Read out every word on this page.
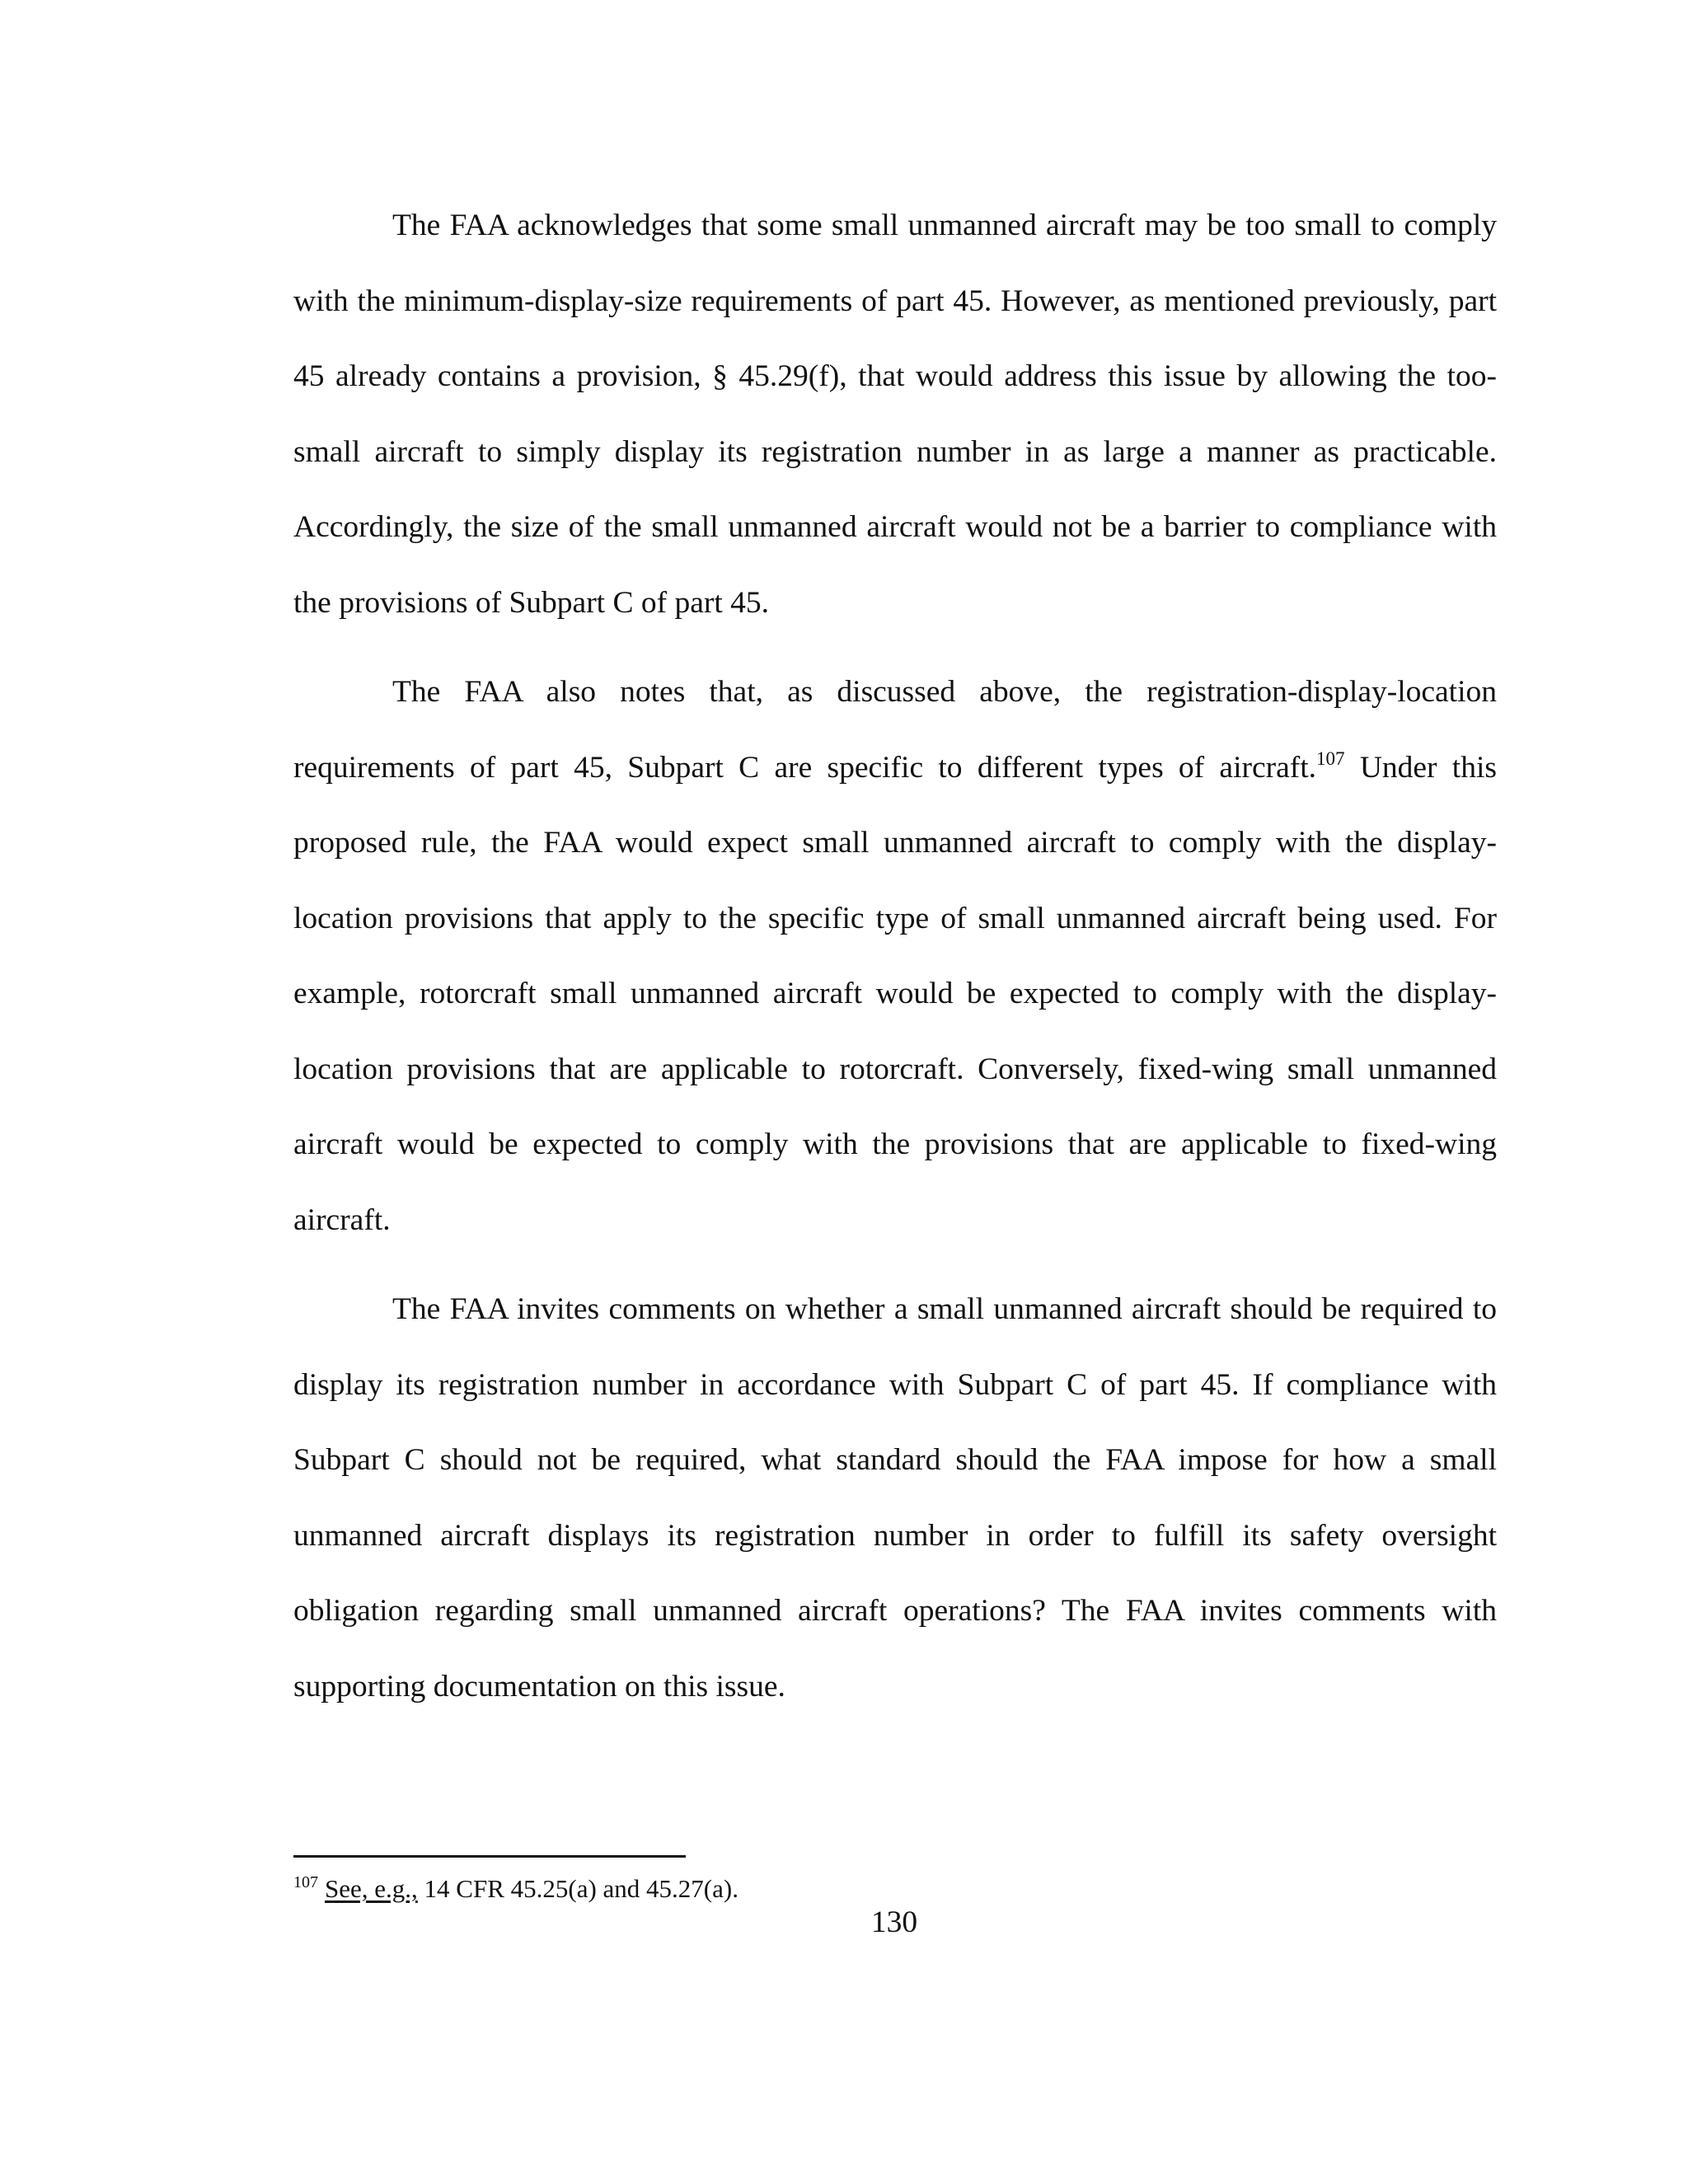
The FAA acknowledges that some small unmanned aircraft may be too small to comply with the minimum-display-size requirements of part 45. However, as mentioned previously, part 45 already contains a provision, § 45.29(f), that would address this issue by allowing the too-small aircraft to simply display its registration number in as large a manner as practicable. Accordingly, the size of the small unmanned aircraft would not be a barrier to compliance with the provisions of Subpart C of part 45.

The FAA also notes that, as discussed above, the registration-display-location requirements of part 45, Subpart C are specific to different types of aircraft.$^{107}$ Under this proposed rule, the FAA would expect small unmanned aircraft to comply with the display-location provisions that apply to the specific type of small unmanned aircraft being used. For example, rotorcraft small unmanned aircraft would be expected to comply with the display-location provisions that are applicable to rotorcraft. Conversely, fixed-wing small unmanned aircraft would be expected to comply with the provisions that are applicable to fixed-wing aircraft.

The FAA invites comments on whether a small unmanned aircraft should be required to display its registration number in accordance with Subpart C of part 45. If compliance with Subpart C should not be required, what standard should the FAA impose for how a small unmanned aircraft displays its registration number in order to fulfill its safety oversight obligation regarding small unmanned aircraft operations? The FAA invites comments with supporting documentation on this issue.

$^{107}$ See, e.g., 14 CFR 45.25(a) and 45.27(a).
130
